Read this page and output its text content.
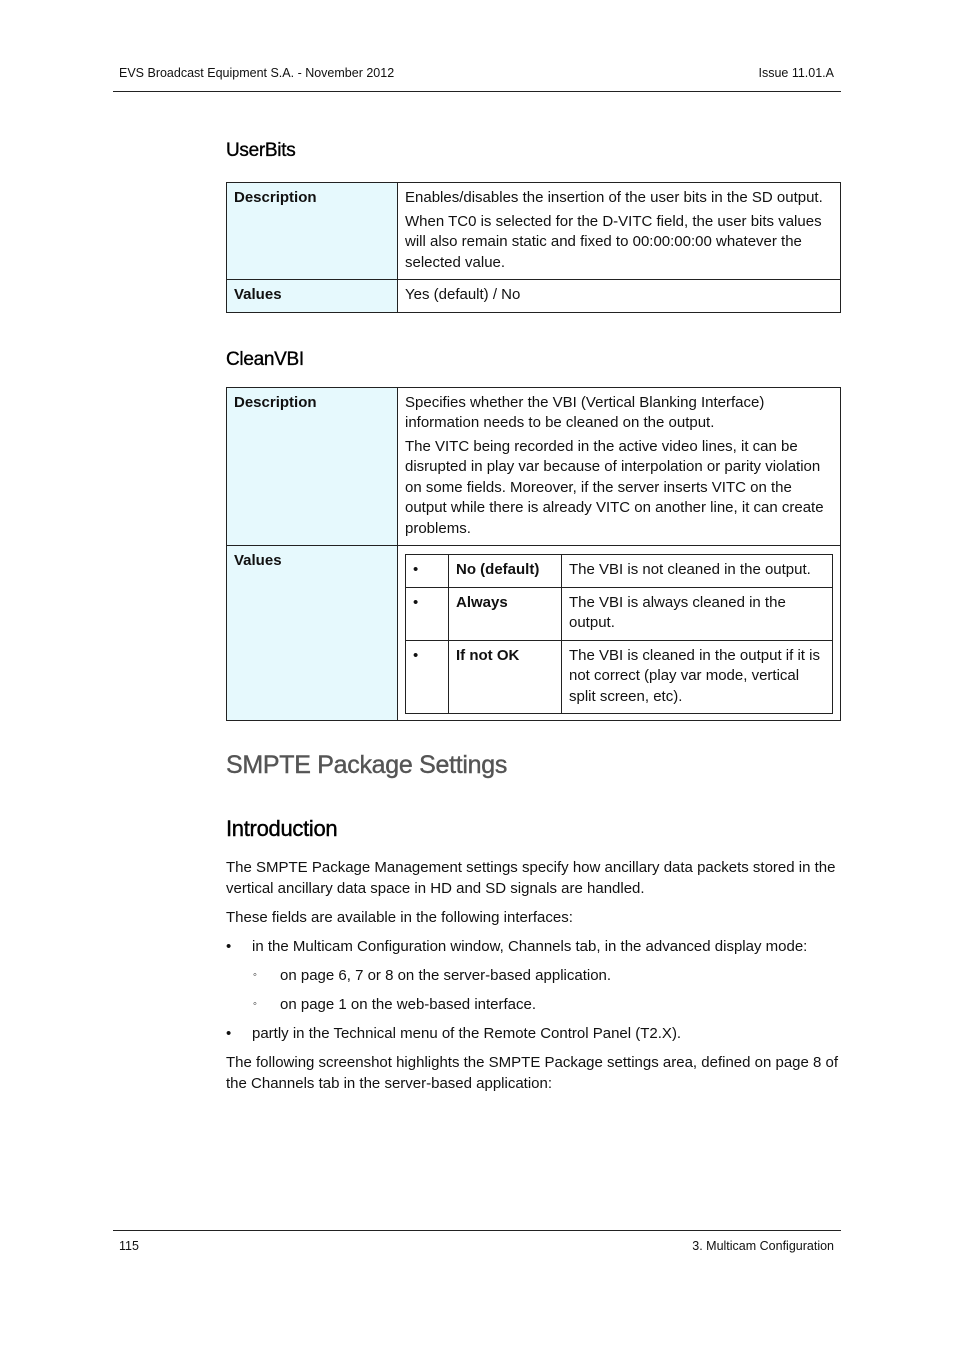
EVS Broadcast Equipment S.A. - November 2012	Issue 11.01.A
UserBits
Description	Enables/disables the insertion of the user bits in the SD output.

When TC0 is selected for the D-VITC field, the user bits values will also remain static and fixed to 00:00:00:00 whatever the selected value.

Values	Yes (default) / No
CleanVBI
Description	Specifies whether the VBI (Vertical Blanking Interface) information needs to be cleaned on the output.

The VITC being recorded in the active video lines, it can be disrupted in play var because of interpolation or parity violation on some fields. Moreover, if the server inserts VITC on the output while there is already VITC on another line, it can create problems.

Values	
•	No (default)	The VBI is not cleaned in the output.
•	Always	The VBI is always cleaned in the output.
•	If not OK	The VBI is cleaned in the output if it is not correct (play var mode, vertical split screen, etc).
SMPTE Package Settings
Introduction

The SMPTE Package Management settings specify how ancillary data packets stored in the vertical ancillary data space in HD and SD signals are handled.

These fields are available in the following interfaces:

• in the Multicam Configuration window, Channels tab, in the advanced display mode:
◦ on page 6, 7 or 8 on the server-based application.
◦ on page 1 on the web-based interface.
• partly in the Technical menu of the Remote Control Panel (T2.X).

The following screenshot highlights the SMPTE Package settings area, defined on page 8 of the Channels tab in the server-based application:

115	3. Multicam Configuration
